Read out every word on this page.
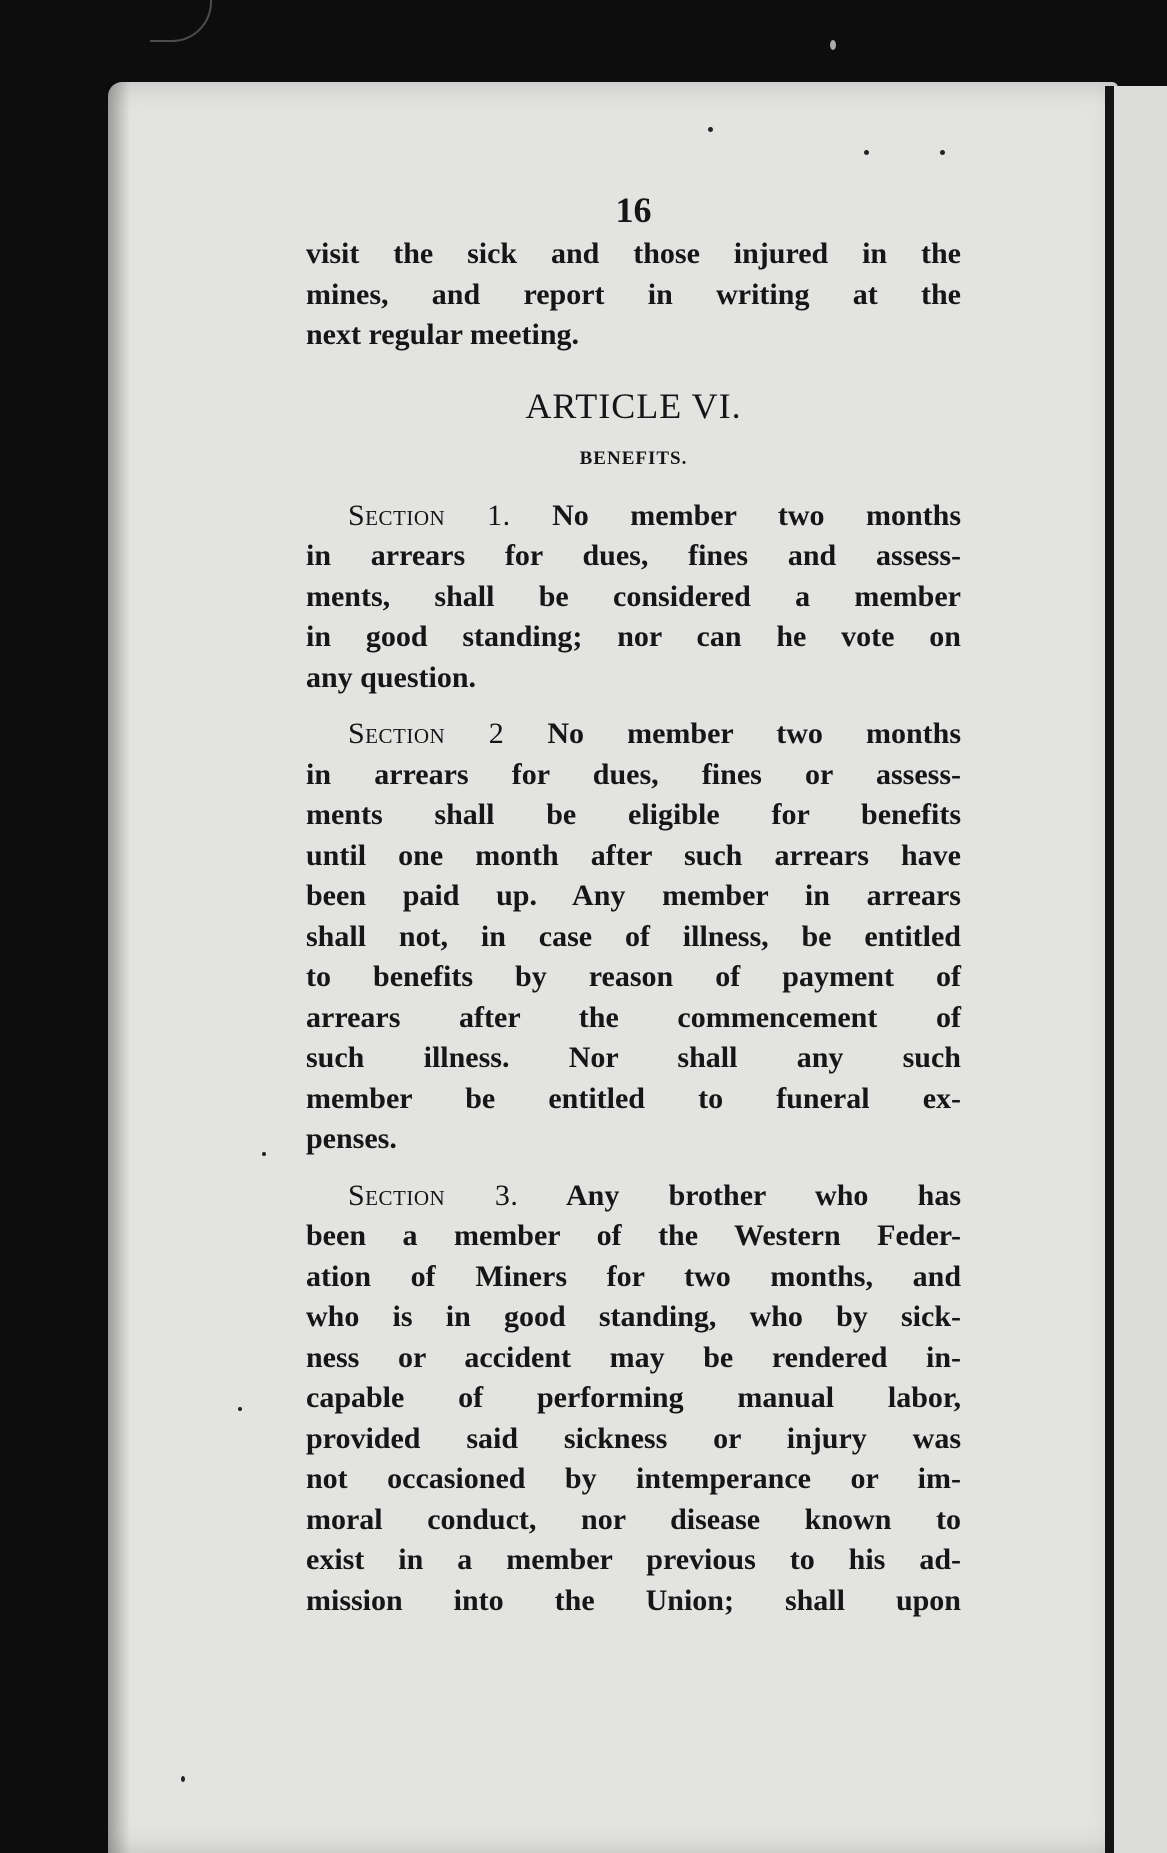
16
visit the sick and those injured in the
mines, and report in writing at the
next regular meeting.
ARTICLE VI.
BENEFITS.
Section 1. No member two months
in arrears for dues, fines and assess-
ments, shall be considered a member
in good standing; nor can he vote on
any question.
Section 2 No member two months
in arrears for dues, fines or assess-
ments shall be eligible for benefits
until one month after such arrears have
been paid up. Any member in arrears
shall not, in case of illness, be entitled
to benefits by reason of payment of
arrears after the commencement of
such illness. Nor shall any such
member be entitled to funeral ex-
penses.
Section 3. Any brother who has
been a member of the Western Feder-
ation of Miners for two months, and
who is in good standing, who by sick-
ness or accident may be rendered in-
capable of performing manual labor,
provided said sickness or injury was
not occasioned by intemperance or im-
moral conduct, nor disease known to
exist in a member previous to his ad-
mission into the Union; shall upon
